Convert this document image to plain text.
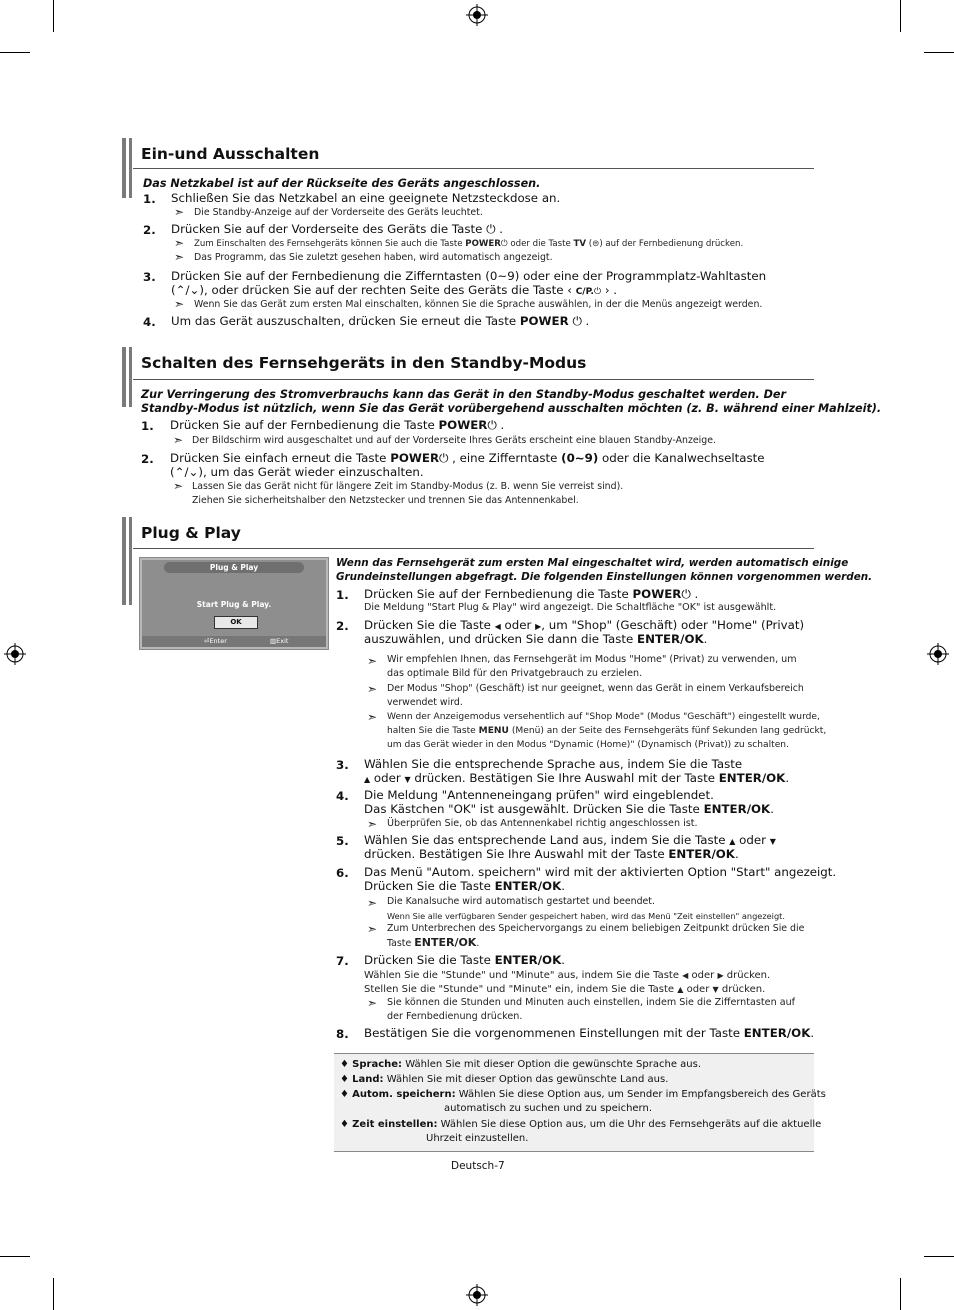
Ein-und Ausschalten
Das Netzkabel ist auf der Rückseite des Geräts angeschlossen.
1. Schließen Sie das Netzkabel an eine geeignete Netzsteckdose an.
➣ Die Standby-Anzeige auf der Vorderseite des Geräts leuchtet.
2. Drücken Sie auf der Vorderseite des Geräts die Taste ⏻ .
➣ Zum Einschalten des Fernsehgeräts können Sie auch die Taste POWER⏻ oder die Taste TV (⊜) auf der Fernbedienung drücken.
➣ Das Programm, das Sie zuletzt gesehen haben, wird automatisch angezeigt.
3. Drücken Sie auf der Fernbedienung die Zifferntasten (0~9) oder eine der Programmplatz-Wahltasten
(⌃/⌄), oder drücken Sie auf der rechten Seite des Geräts die Taste ‹ C/P.⏻ › .
➣ Wenn Sie das Gerät zum ersten Mal einschalten, können Sie die Sprache auswählen, in der die Menüs angezeigt werden.
4. Um das Gerät auszuschalten, drücken Sie erneut die Taste POWER ⏻ .
Schalten des Fernsehgeräts in den Standby-Modus
Zur Verringerung des Stromverbrauchs kann das Gerät in den Standby-Modus geschaltet werden. Der
Standby-Modus ist nützlich, wenn Sie das Gerät vorübergehend ausschalten möchten (z. B. während einer Mahlzeit).
1. Drücken Sie auf der Fernbedienung die Taste POWER⏻ .
➣ Der Bildschirm wird ausgeschaltet und auf der Vorderseite Ihres Geräts erscheint eine blauen Standby-Anzeige.
2. Drücken Sie einfach erneut die Taste POWER⏻ , eine Zifferntaste (0~9) oder die Kanalwechseltaste
(⌃/⌄), um das Gerät wieder einzuschalten.
➣ Lassen Sie das Gerät nicht für längere Zeit im Standby-Modus (z. B. wenn Sie verreist sind).
Ziehen Sie sicherheitshalber den Netzstecker und trennen Sie das Antennenkabel.
Plug & Play
Plug & Play
Start Plug & Play.
OK
⏎Enter	▥Exit
Wenn das Fernsehgerät zum ersten Mal eingeschaltet wird, werden automatisch einige
Grundeinstellungen abgefragt. Die folgenden Einstellungen können vorgenommen werden.
1. Drücken Sie auf der Fernbedienung die Taste POWER⏻ .
Die Meldung "Start Plug & Play" wird angezeigt. Die Schaltfläche "OK" ist ausgewählt.
2. Drücken Sie die Taste ◀ oder ▶, um "Shop" (Geschäft) oder "Home" (Privat)
auszuwählen, und drücken Sie dann die Taste ENTER/OK.
➣ Wir empfehlen Ihnen, das Fernsehgerät im Modus "Home" (Privat) zu verwenden, um
das optimale Bild für den Privatgebrauch zu erzielen.
➣ Der Modus "Shop" (Geschäft) ist nur geeignet, wenn das Gerät in einem Verkaufsbereich
verwendet wird.
➣ Wenn der Anzeigemodus versehentlich auf "Shop Mode" (Modus "Geschäft") eingestellt wurde,
halten Sie die Taste MENU (Menü) an der Seite des Fernsehgeräts fünf Sekunden lang gedrückt,
um das Gerät wieder in den Modus "Dynamic (Home)" (Dynamisch (Privat)) zu schalten.
3. Wählen Sie die entsprechende Sprache aus, indem Sie die Taste
▲ oder ▼ drücken. Bestätigen Sie Ihre Auswahl mit der Taste ENTER/OK.
4. Die Meldung "Antenneneingang prüfen" wird eingeblendet.
Das Kästchen "OK" ist ausgewählt. Drücken Sie die Taste ENTER/OK.
➣ Überprüfen Sie, ob das Antennenkabel richtig angeschlossen ist.
5. Wählen Sie das entsprechende Land aus, indem Sie die Taste ▲ oder ▼
drücken. Bestätigen Sie Ihre Auswahl mit der Taste ENTER/OK.
6. Das Menü "Autom. speichern" wird mit der aktivierten Option "Start" angezeigt.
Drücken Sie die Taste ENTER/OK.
➣ Die Kanalsuche wird automatisch gestartet und beendet.
Wenn Sie alle verfügbaren Sender gespeichert haben, wird das Menü "Zeit einstellen" angezeigt.
➣ Zum Unterbrechen des Speichervorgangs zu einem beliebigen Zeitpunkt drücken Sie die
Taste ENTER/OK.
7. Drücken Sie die Taste ENTER/OK.
Wählen Sie die "Stunde" und "Minute" aus, indem Sie die Taste ◀ oder ▶ drücken.
Stellen Sie die "Stunde" und "Minute" ein, indem Sie die Taste ▲ oder ▼ drücken.
➣ Sie können die Stunden und Minuten auch einstellen, indem Sie die Zifferntasten auf
der Fernbedienung drücken.
8. Bestätigen Sie die vorgenommenen Einstellungen mit der Taste ENTER/OK.
♦ Sprache: Wählen Sie mit dieser Option die gewünschte Sprache aus.
♦ Land: Wählen Sie mit dieser Option das gewünschte Land aus.
♦ Autom. speichern: Wählen Sie diese Option aus, um Sender im Empfangsbereich des Geräts
automatisch zu suchen und zu speichern.
♦ Zeit einstellen: Wählen Sie diese Option aus, um die Uhr des Fernsehgeräts auf die aktuelle
Uhrzeit einzustellen.
Deutsch-7
